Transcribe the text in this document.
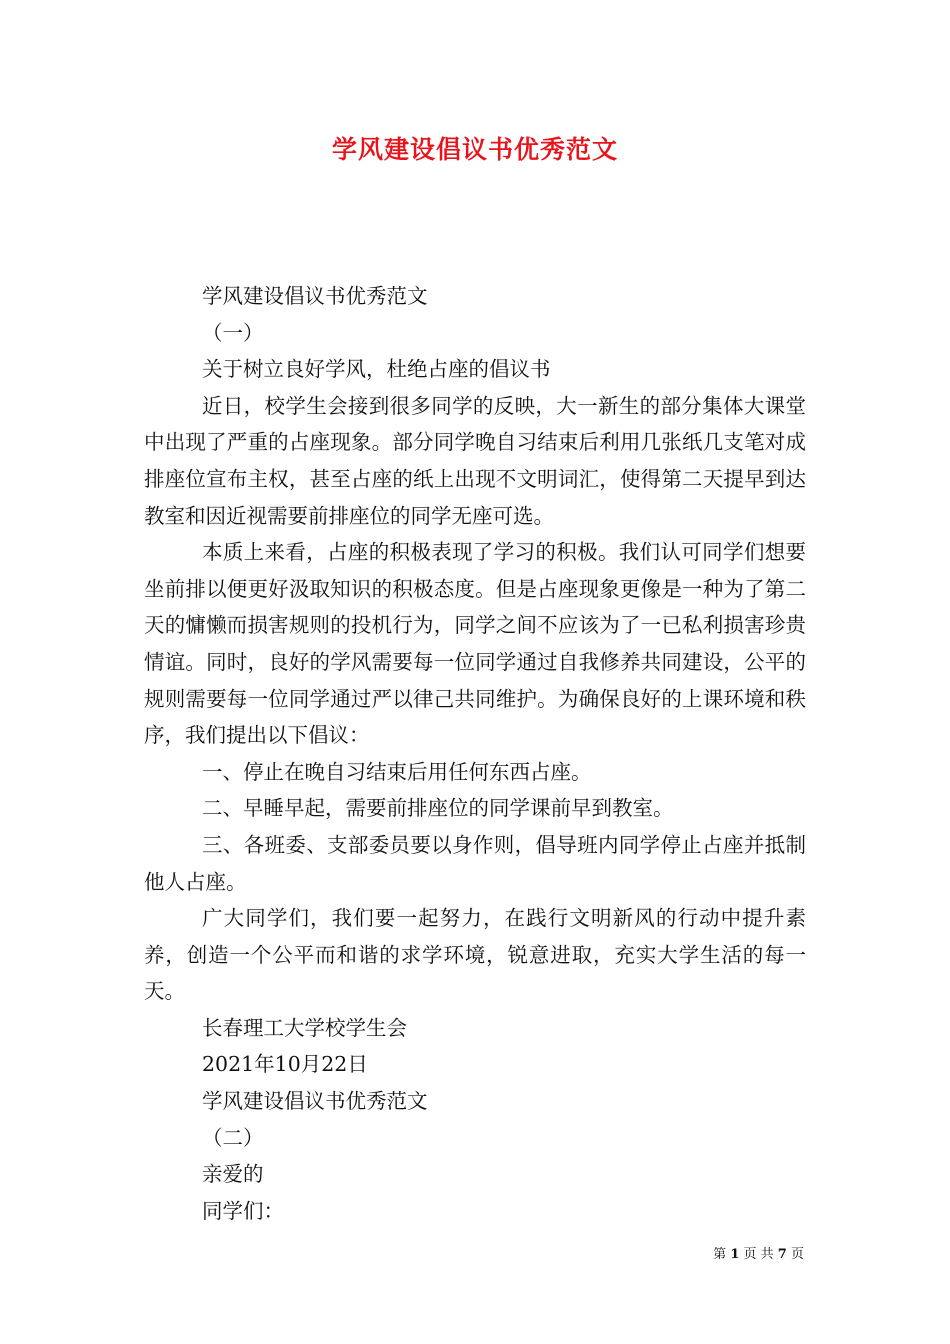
学风建设倡议书优秀范文

学风建设倡议书优秀范文

（一）

关于树立良好学风，杜绝占座的倡议书

近日，校学生会接到很多同学的反映，大一新生的部分集体大课堂中出现了严重的占座现象。部分同学晚自习结束后利用几张纸几支笔对成排座位宣布主权，甚至占座的纸上出现不文明词汇，使得第二天提早到达教室和因近视需要前排座位的同学无座可选。

本质上来看，占座的积极表现了学习的积极。我们认可同学们想要坐前排以便更好汲取知识的积极态度。但是占座现象更像是一种为了第二天的慵懒而损害规则的投机行为，同学之间不应该为了一已私利损害珍贵情谊。同时，良好的学风需要每一位同学通过自我修养共同建设，公平的规则需要每一位同学通过严以律己共同维护。为确保良好的上课环境和秩序，我们提出以下倡议：

一、停止在晚自习结束后用任何东西占座。

二、早睡早起，需要前排座位的同学课前早到教室。

三、各班委、支部委员要以身作则，倡导班内同学停止占座并抵制他人占座。

广大同学们，我们要一起努力，在践行文明新风的行动中提升素养，创造一个公平而和谐的求学环境，锐意进取，充实大学生活的每一天。

长春理工大学校学生会

2021年10月22日

学风建设倡议书优秀范文

（二）

亲爱的

同学们：

第 1 页 共 7 页
